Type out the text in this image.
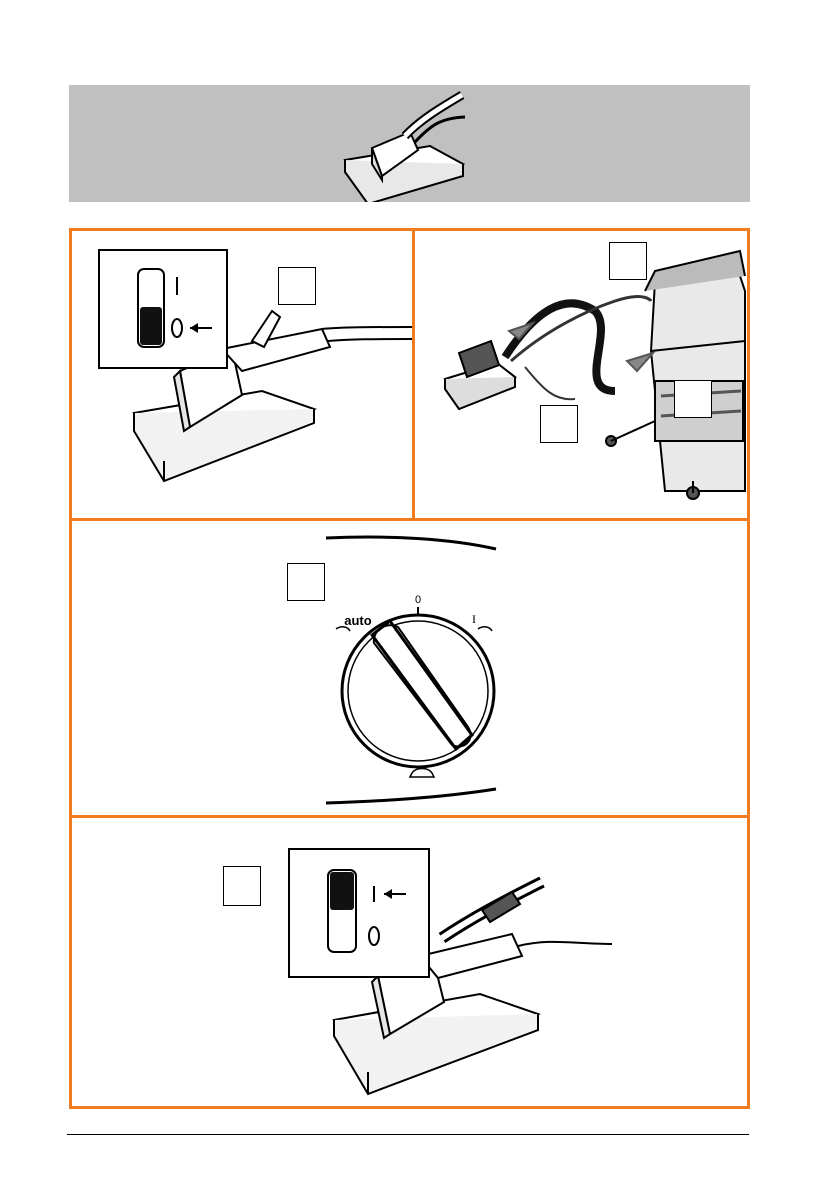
0
I
auto
